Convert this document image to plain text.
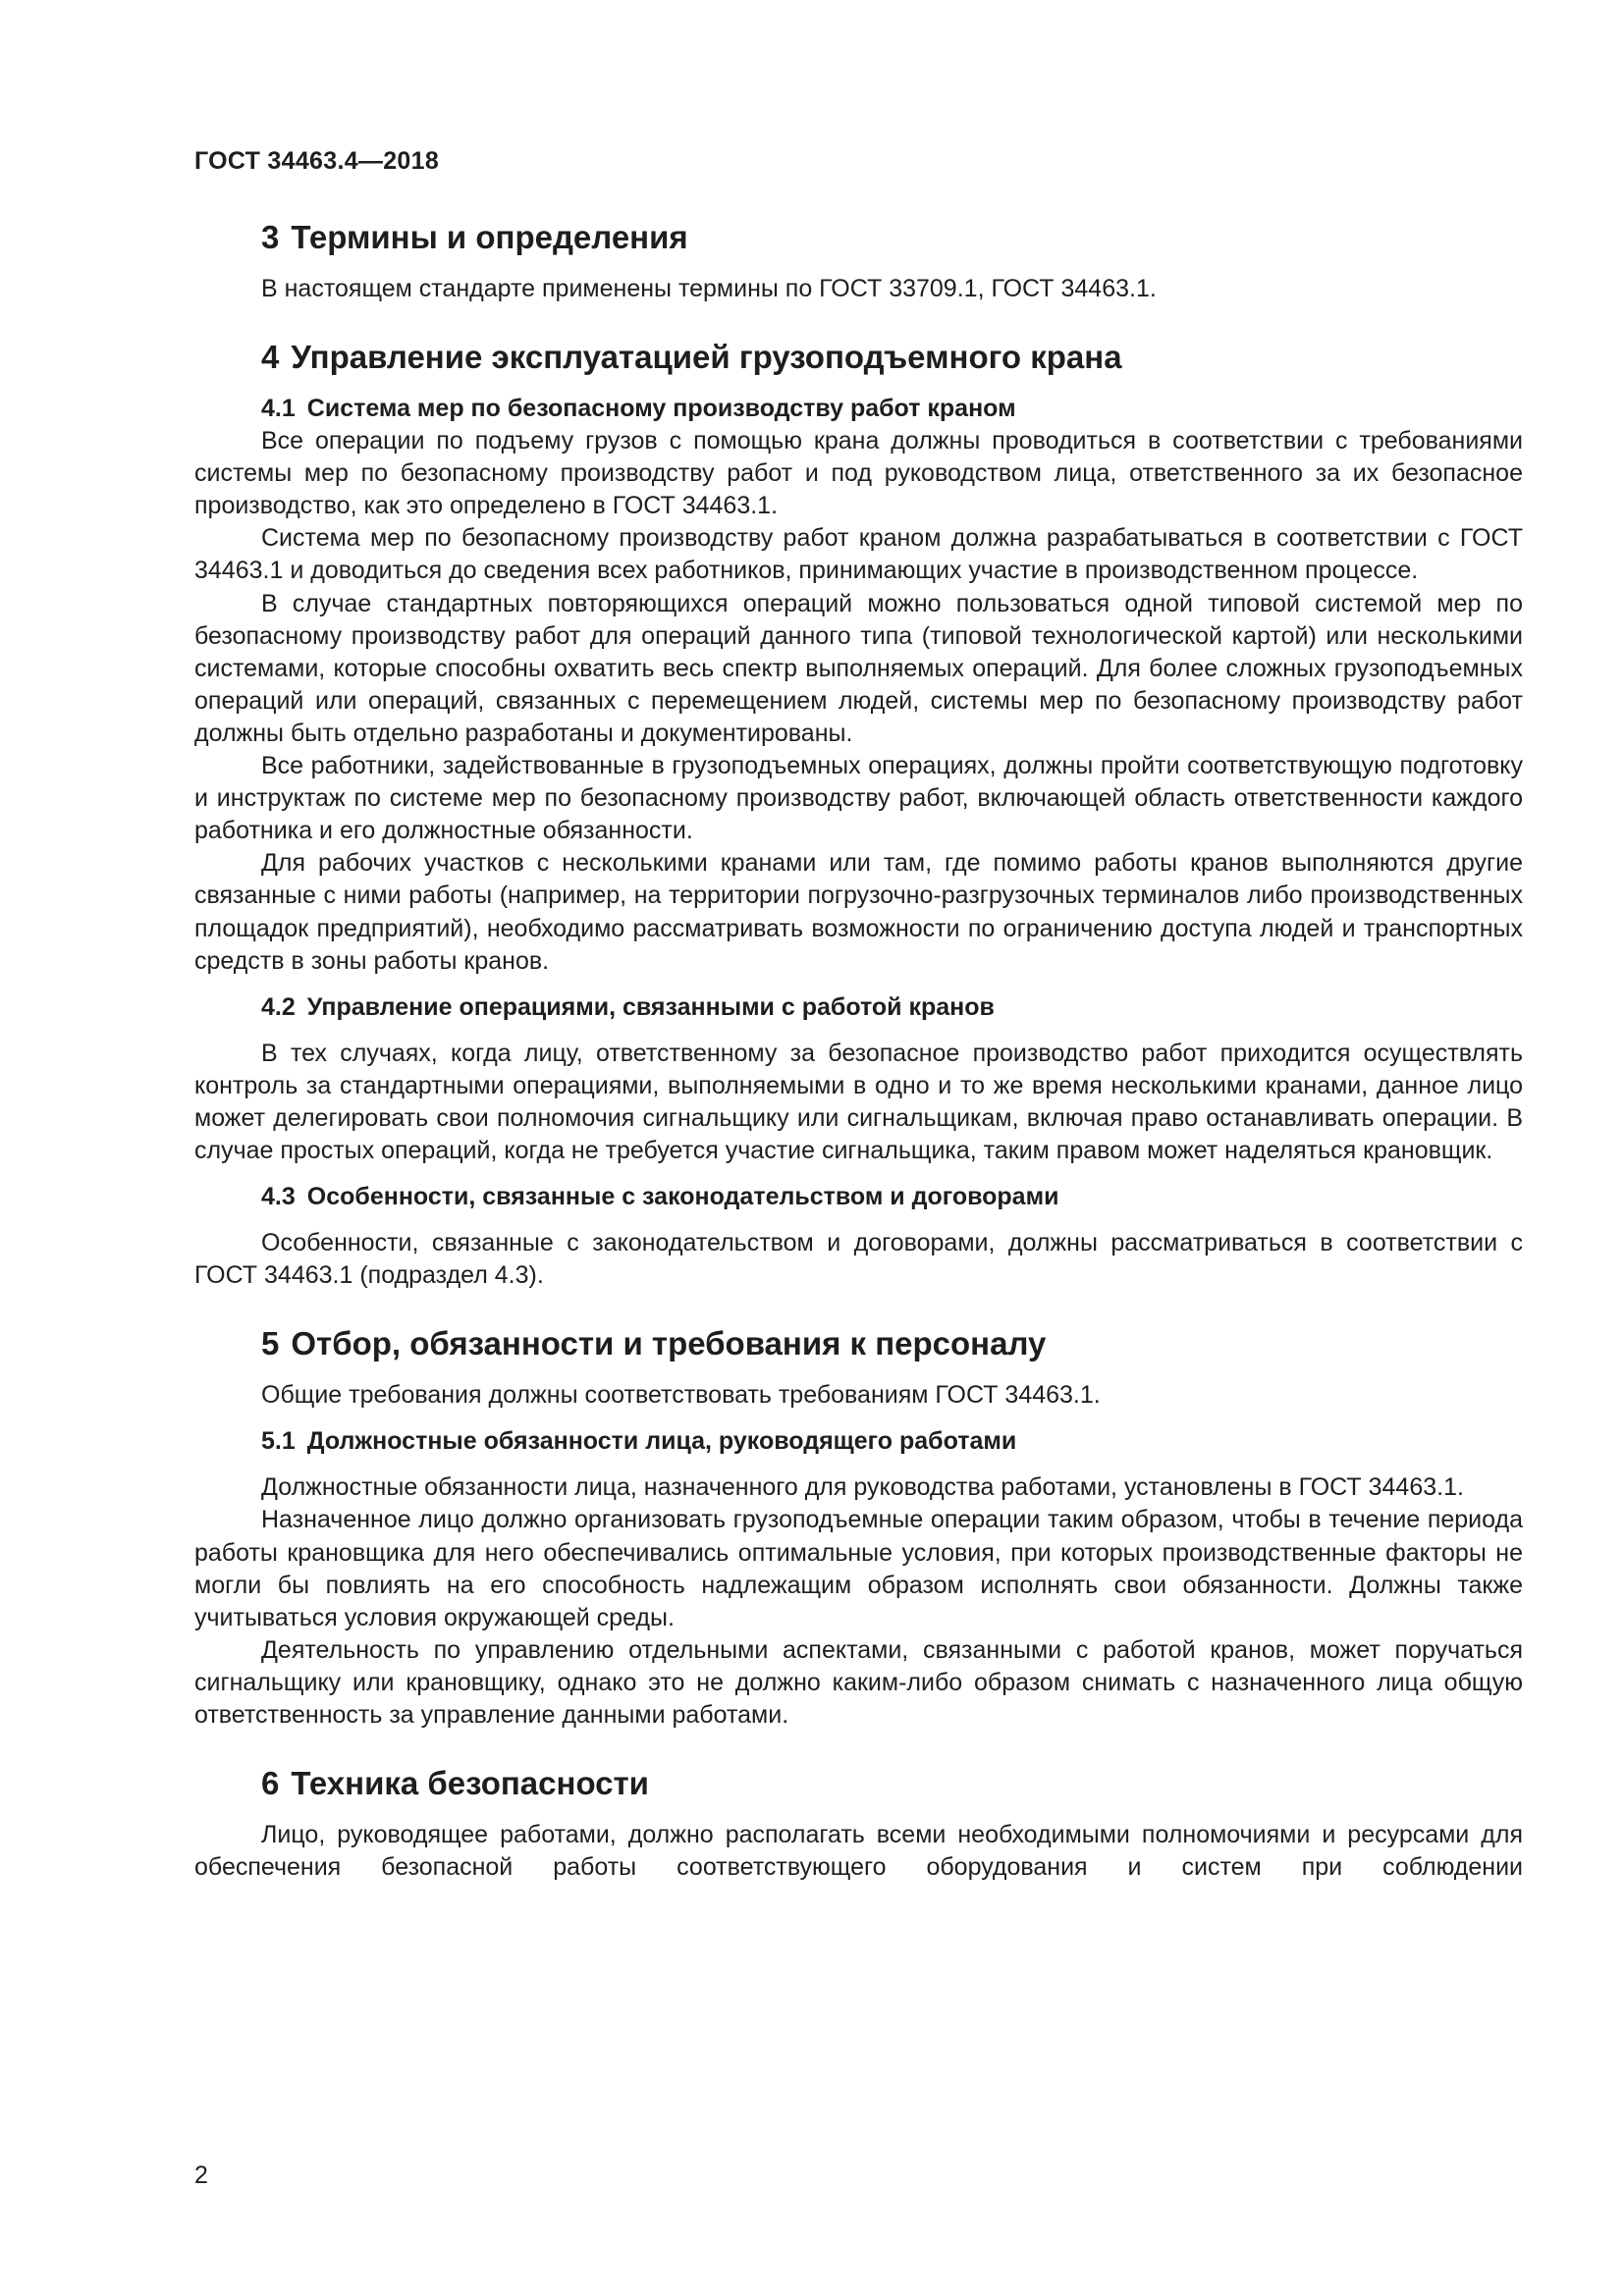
ГОСТ 34463.4—2018
3 Термины и определения

В настоящем стандарте применены термины по ГОСТ 33709.1, ГОСТ 34463.1.

4 Управление эксплуатацией грузоподъемного крана
4.1 Система мер по безопасному производству работ краном

Все операции по подъему грузов с помощью крана должны проводиться в соответствии с требованиями системы мер по безопасному производству работ и под руководством лица, ответственного за их безопасное производство, как это определено в ГОСТ 34463.1.

Система мер по безопасному производству работ краном должна разрабатываться в соответствии с ГОСТ 34463.1 и доводиться до сведения всех работников, принимающих участие в производственном процессе.

В случае стандартных повторяющихся операций можно пользоваться одной типовой системой мер по безопасному производству работ для операций данного типа (типовой технологической картой) или несколькими системами, которые способны охватить весь спектр выполняемых операций. Для более сложных грузоподъемных операций или операций, связанных с перемещением людей, системы мер по безопасному производству работ должны быть отдельно разработаны и документированы.

Все работники, задействованные в грузоподъемных операциях, должны пройти соответствующую подготовку и инструктаж по системе мер по безопасному производству работ, включающей область ответственности каждого работника и его должностные обязанности.

Для рабочих участков с несколькими кранами или там, где помимо работы кранов выполняются другие связанные с ними работы (например, на территории погрузочно-разгрузочных терминалов либо производственных площадок предприятий), необходимо рассматривать возможности по ограничению доступа людей и транспортных средств в зоны работы кранов.

4.2 Управление операциями, связанными с работой кранов

В тех случаях, когда лицу, ответственному за безопасное производство работ приходится осуществлять контроль за стандартными операциями, выполняемыми в одно и то же время несколькими кранами, данное лицо может делегировать свои полномочия сигнальщику или сигнальщикам, включая право останавливать операции. В случае простых операций, когда не требуется участие сигнальщика, таким правом может наделяться крановщик.

4.3 Особенности, связанные с законодательством и договорами

Особенности, связанные с законодательством и договорами, должны рассматриваться в соответствии с ГОСТ 34463.1 (подраздел 4.3).

5 Отбор, обязанности и требования к персоналу

Общие требования должны соответствовать требованиям ГОСТ 34463.1.

5.1 Должностные обязанности лица, руководящего работами

Должностные обязанности лица, назначенного для руководства работами, установлены в ГОСТ 34463.1.

Назначенное лицо должно организовать грузоподъемные операции таким образом, чтобы в течение периода работы крановщика для него обеспечивались оптимальные условия, при которых производственные факторы не могли бы повлиять на его способность надлежащим образом исполнять свои обязанности. Должны также учитываться условия окружающей среды.

Деятельность по управлению отдельными аспектами, связанными с работой кранов, может поручаться сигнальщику или крановщику, однако это не должно каким-либо образом снимать с назначенного лица общую ответственность за управление данными работами.

6 Техника безопасности

Лицо, руководящее работами, должно располагать всеми необходимыми полномочиями и ресурсами для обеспечения безопасной работы соответствующего оборудования и систем при соблюдении

2
